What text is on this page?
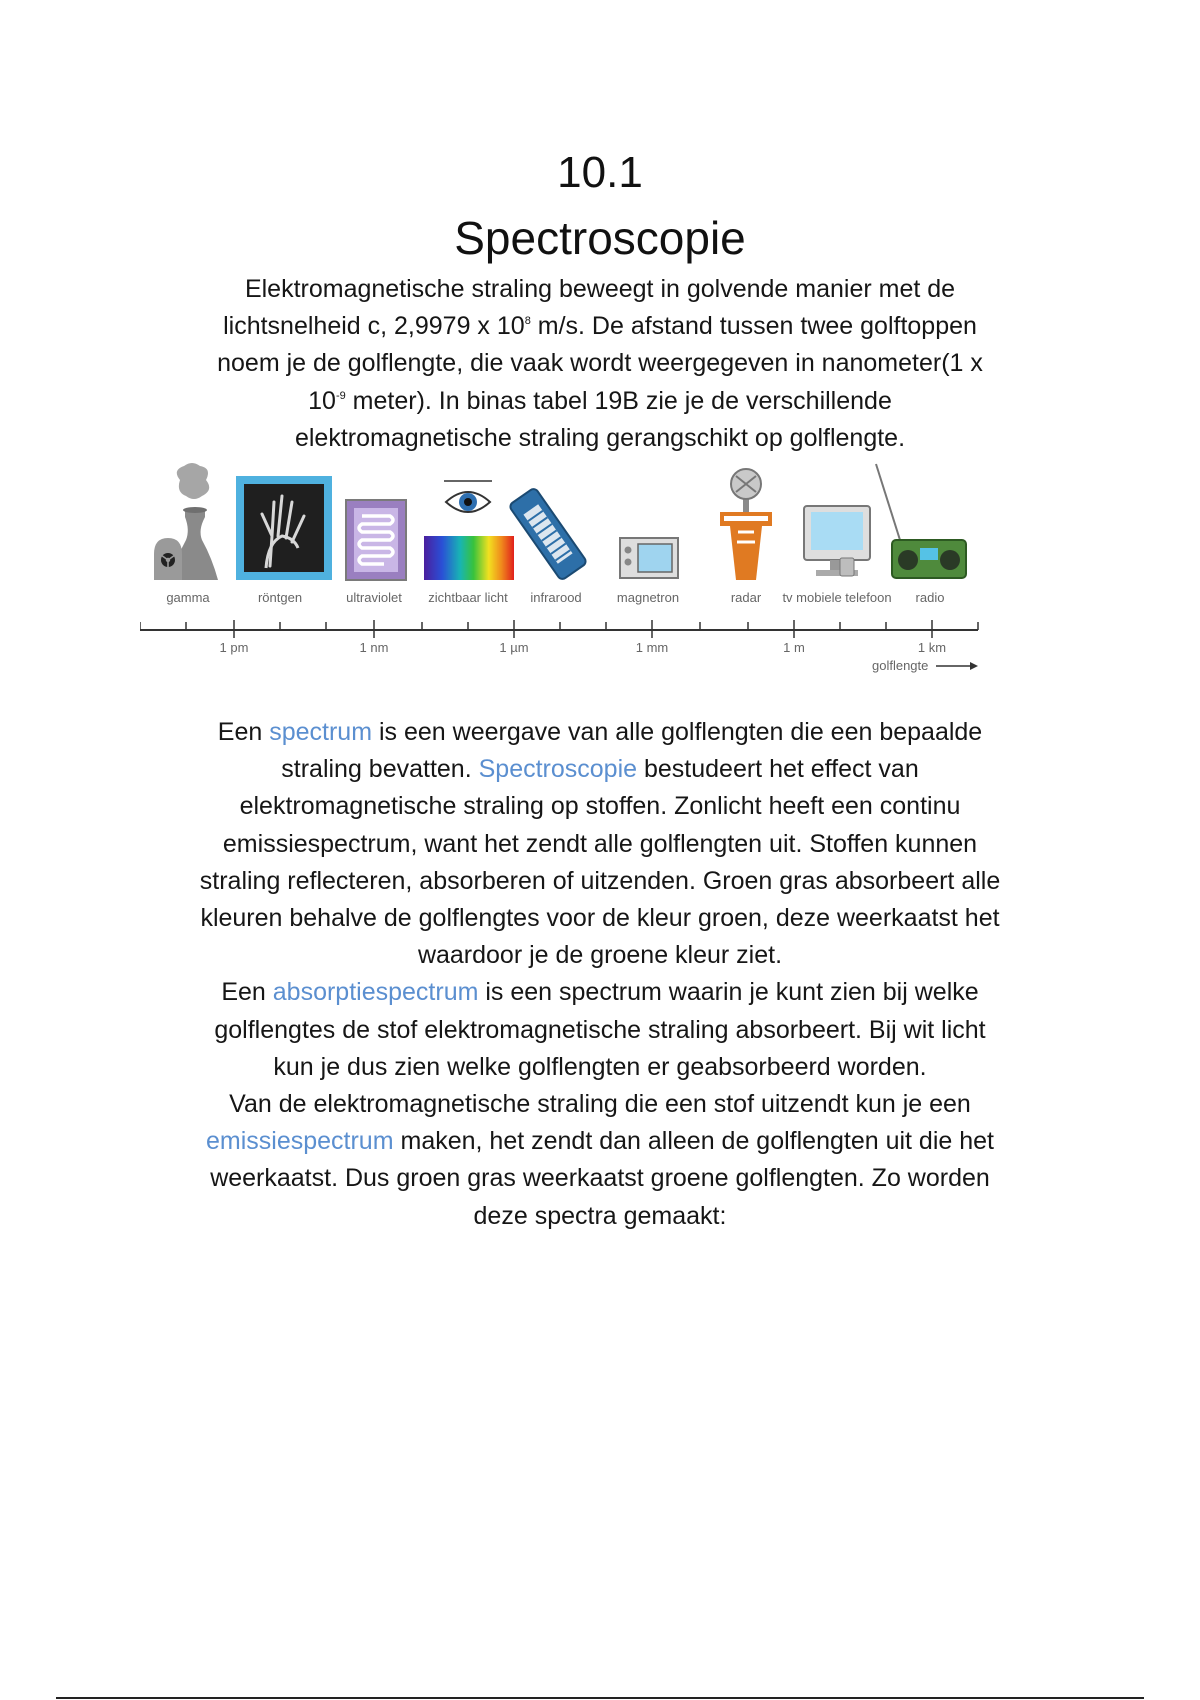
10.1
Spectroscopie
Elektromagnetische straling beweegt in golvende manier met de
lichtsnelheid c, 2,9979 x $10^8$ m/s. De afstand tussen twee golftoppen
noem je de golflengte, die vaak wordt weergegeven in nanometer(1 x
$10^{-9}$ meter). In binas tabel 19B zie je de verschillende
elektromagnetische straling gerangschikt op golflengte.
gamma	röntgen	ultraviolet zichtbaar licht infrarood	magnetron	radar tv mobiele telefoon radio
1 pm	1 nm	1 µm	1 mm	1 m	1 km
golflengte
Een spectrum is een weergave van alle golflengten die een bepaalde
straling bevatten. Spectroscopie bestudeert het effect van
elektromagnetische straling op stoffen. Zonlicht heeft een continu
emissiespectrum, want het zendt alle golflengten uit. Stoffen kunnen
straling reflecteren, absorberen of uitzenden. Groen gras absorbeert alle
kleuren behalve de golflengtes voor de kleur groen, deze weerkaatst het
waardoor je de groene kleur ziet.
Een absorptiespectrum is een spectrum waarin je kunt zien bij welke
golflengtes de stof elektromagnetische straling absorbeert. Bij wit licht
kun je dus zien welke golflengten er geabsorbeerd worden.
Van de elektromagnetische straling die een stof uitzendt kun je een
emissiespectrum maken, het zendt dan alleen de golflengten uit die het
weerkaatst. Dus groen gras weerkaatst groene golflengten. Zo worden
deze spectra gemaakt:
